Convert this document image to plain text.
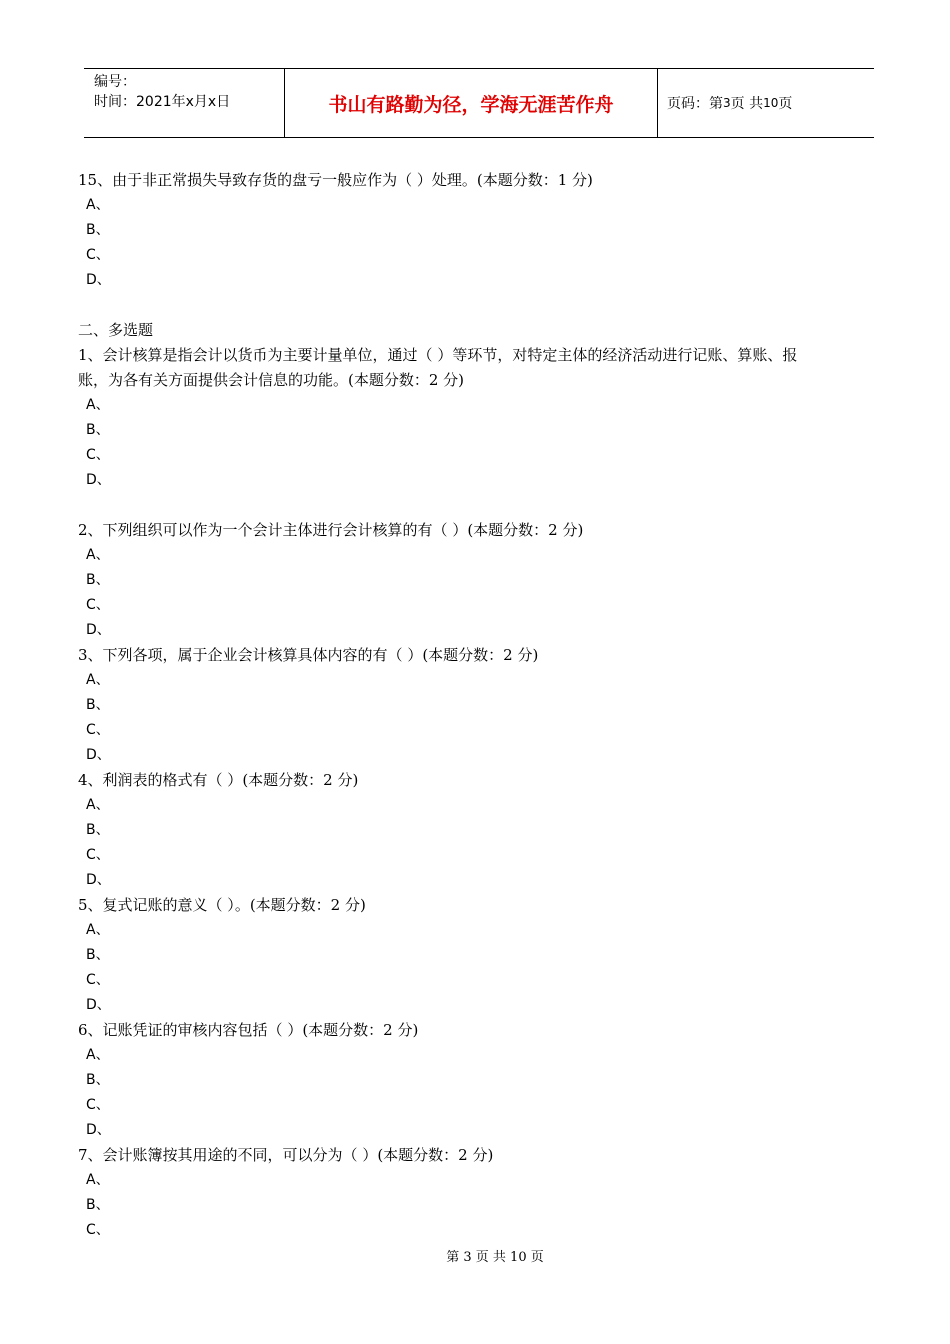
编号：
时间：2021年x月x日	书山有路勤为径，学海无涯苦作舟	页码：第 3 页 共 10 页
15、由于非正常损失导致存货的盘亏一般应作为（ ）处理。(本题分数：1 分)
A、
B、
C、
D、
二、多选题
1、会计核算是指会计以货币为主要计量单位，通过（ ）等环节，对特定主体的经济活动进行记账、算账、报
账，为各有关方面提供会计信息的功能。(本题分数：2 分)
A、
B、
C、
D、
2、下列组织可以作为一个会计主体进行会计核算的有（ ）(本题分数：2 分)
A、
B、
C、
D、
3、下列各项，属于企业会计核算具体内容的有（ ）(本题分数：2 分)
A、
B、
C、
D、
4、利润表的格式有（ ）(本题分数：2 分)
A、
B、
C、
D、
5、复式记账的意义（ ）。(本题分数：2 分)
A、
B、
C、
D、
6、记账凭证的审核内容包括（ ）(本题分数：2 分)
A、
B、
C、
D、
7、会计账簿按其用途的不同，可以分为（ ）(本题分数：2 分)
A、
B、
C、
第 3 页 共 10 页
